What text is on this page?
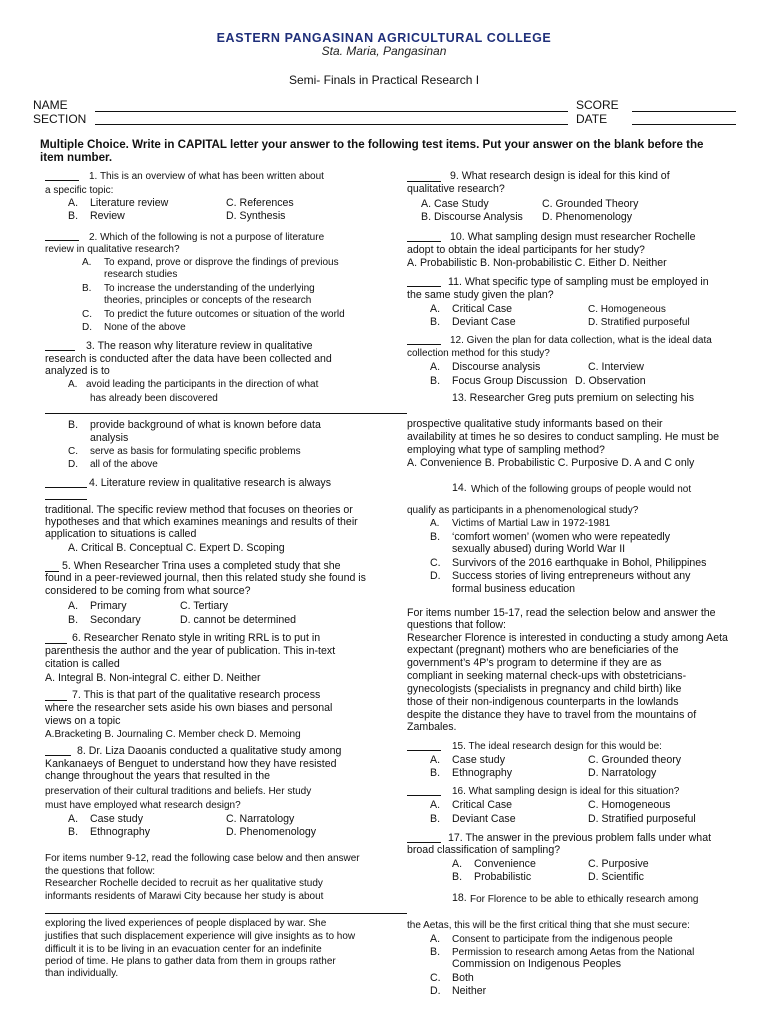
EASTERN PANGASINAN AGRICULTURAL COLLEGE
Sta. Maria, Pangasinan
Semi- Finals in Practical Research I
NAME
SECTION
SCORE
DATE
Multiple Choice. Write in CAPITAL letter your answer to the following test items. Put your answer on the blank before the item number.
1. This is an overview of what has been written about
a specific topic:
A. Literature review	C. References
B. Review	D. Synthesis
2. Which of the following is not a purpose of literature
review in qualitative research?
A. To expand, prove or disprove the findings of previous
research studies
B. To increase the understanding of the underlying
theories, principles or concepts of the research
C. To predict the future outcomes or situation of the world
D. None of the above
3. The reason why literature review in qualitative
research is conducted after the data have been collected and
analyzed is to
A. avoid leading the participants in the direction of what
has already been discovered
B. provide background of what is known before data
analysis
C. serve as basis for formulating specific problems
D. all of the above
4. Literature review in qualitative research is always
traditional. The specific review method that focuses on theories or
hypotheses and that which examines meanings and results of their
application to situations is called
A. Critical B. Conceptual C. Expert D. Scoping
5. When Researcher Trina uses a completed study that she
found in a peer-reviewed journal, then this related study she found is
considered to be coming from what source?
A. Primary	C. Tertiary
B. Secondary	D. cannot be determined
6. Researcher Renato style in writing RRL is to put in
parenthesis the author and the year of publication. This in-text
citation is called
A. Integral B. Non-integral C. either D. Neither
7. This is that part of the qualitative research process
where the researcher sets aside his own biases and personal
views on a topic
A.Bracketing B. Journaling C. Member check D. Memoing
8. Dr. Liza Daoanis conducted a qualitative study among
Kankanaeys of Benguet to understand how they have resisted
change throughout the years that resulted in the
preservation of their cultural traditions and beliefs. Her study
must have employed what research design?
A. Case study	C. Narratology
B. Ethnography	D. Phenomenology
For items number 9-12, read the following case below and then answer
the questions that follow:
Researcher Rochelle decided to recruit as her qualitative study
informants residents of Marawi City because her study is about
exploring the lived experiences of people displaced by war. She
justifies that such displacement experience will give insights as to how
difficult it is to be living in an evacuation center for an indefinite
period of time. He plans to gather data from them in groups rather
than individually.
9. What research design is ideal for this kind of
qualitative research?
A. Case Study	C. Grounded Theory
B. Discourse Analysis D. Phenomenology
10. What sampling design must researcher Rochelle
adopt to obtain the ideal participants for her study?
A. Probabilistic B. Non-probabilistic C. Either D. Neither
11. What specific type of sampling must be employed in
the same study given the plan?
A. Critical Case	C. Homogeneous
B. Deviant Case	D. Stratified purposeful
12. Given the plan for data collection, what is the ideal data
collection method for this study?
A. Discourse analysis	C. Interview
B. Focus Group Discussion D. Observation
13. Researcher Greg puts premium on selecting his
prospective qualitative study informants based on their
availability at times he so desires to conduct sampling. He must be
employing what type of sampling method?
A. Convenience B. Probabilistic C. Purposive D. A and C only
14. Which of the following groups of people would not
qualify as participants in a phenomenological study?
A. Victims of Martial Law in 1972-1981
B. ‘comfort women’ (women who were repeatedly
sexually abused) during World War II
C. Survivors of the 2016 earthquake in Bohol, Philippines
D. Success stories of living entrepreneurs without any
formal business education
For items number 15-17, read the selection below and answer the
questions that follow:
Researcher Florence is interested in conducting a study among Aeta
expectant (pregnant) mothers who are beneficiaries of the
government’s 4P’s program to determine if they are as
compliant in seeking maternal check-ups with obstetricians-
gynecologists (specialists in pregnancy and child birth) like
those of their non-indigenous counterparts in the lowlands
despite the distance they have to travel from the mountains of
Zambales.
15. The ideal research design for this would be:
A. Case study	C. Grounded theory
B. Ethnography	D. Narratology
16. What sampling design is ideal for this situation?
A. Critical Case	C. Homogeneous
B. Deviant Case	D. Stratified purposeful
17. The answer in the previous problem falls under what
broad classification of sampling?
A. Convenience	C. Purposive
B. Probabilistic	D. Scientific
18. For Florence to be able to ethically research among
the Aetas, this will be the first critical thing that she must secure:
A. Consent to participate from the indigenous people
B. Permission to research among Aetas from the National
Commission on Indigenous Peoples
C. Both
D. Neither
